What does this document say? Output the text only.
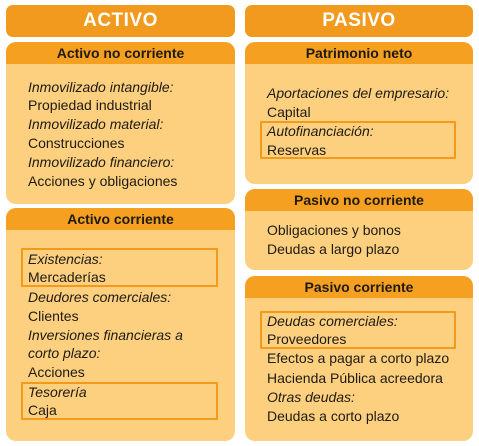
ACTIVO	PASIVO
Activo no corriente
Inmovilizado intangible:
Propiedad industrial
Inmovilizado material:
Construcciones
Inmovilizado financiero:
Acciones y obligaciones
Activo corriente
Existencias:
Mercaderías
Deudores comerciales:
Clientes
Inversiones financieras a
corto plazo:
Acciones
Tesorería
Caja
Patrimonio neto
Aportaciones del empresario:
Capital
Autofinanciación:
Reservas
Pasivo no corriente
Obligaciones y bonos
Deudas a largo plazo
Pasivo corriente
Deudas comerciales:
Proveedores
Efectos a pagar a corto plazo
Hacienda Pública acreedora
Otras deudas:
Deudas a corto plazo
